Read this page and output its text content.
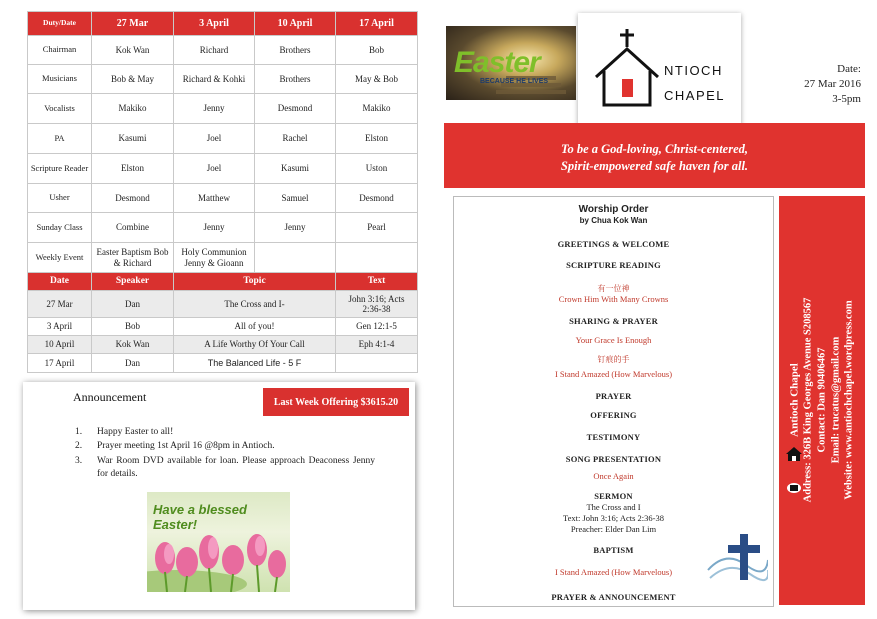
Duty/Date	27 Mar	3 April	10 April	17 April
Chairman	Kok Wan	Richard	Brothers	Bob
Musicians	Bob & May	Richard & Kohki	Brothers	May & Bob
Vocalists	Makiko	Jenny	Desmond	Makiko
PA	Kasumi	Joel	Rachel	Elston
Scripture Reader	Elston	Joel	Kasumi	Uston
Usher	Desmond	Matthew	Samuel	Desmond
Sunday Class	Combine	Jenny	Jenny	Pearl
Weekly Event	Easter Baptism Bob & Richard	Holy Communion Jenny & Gioann		
Date	Speaker	Topic		Text
27 Mar	Dan	The Cross and I-		John 3:16; Acts 2:36-38
3 April	Bob	All of you!		Gen 12:1-5
10 April	Kok Wan	A Life Worthy Of Your Call		Eph 4:1-4
17 April	Dan	The Balanced Life - 5 F		
Announcement	Last Week Offering $3615.20
1. Happy Easter to all!
2. Prayer meeting 1st April 16 @8pm in Antioch.
3. War Room DVD available for loan. Please approach Deaconess Jenny for details.
Have a blessed Easter!
Easter
BECAUSE HE LIVES
NTIOCH
CHAPEL
Date:
27 Mar 2016
3-5pm
To be a God-loving, Christ-centered,
Spirit-empowered safe haven for all.
Worship Order
by Chua Kok Wan
GREETINGS & WELCOME
SCRIPTURE READING
有一位神
Crown Him With Many Crowns
SHARING & PRAYER
Your Grace Is Enough
钉痕的手
I Stand Amazed (How Marvelous)
PRAYER
OFFERING
TESTIMONY
SONG PRESENTATION
Once Again
SERMON
The Cross and I
Text: John 3:16; Acts 2:36-38
Preacher: Elder Dan Lim
BAPTISM
I Stand Amazed (How Marvelous)
PRAYER & ANNOUNCEMENT
Antioch Chapel Address: 326B King Georges Avenue S208567 Contact: Dan 90406467 Email: trucatus@gmail.com Website: www.antiochchapel.wordpress.com
